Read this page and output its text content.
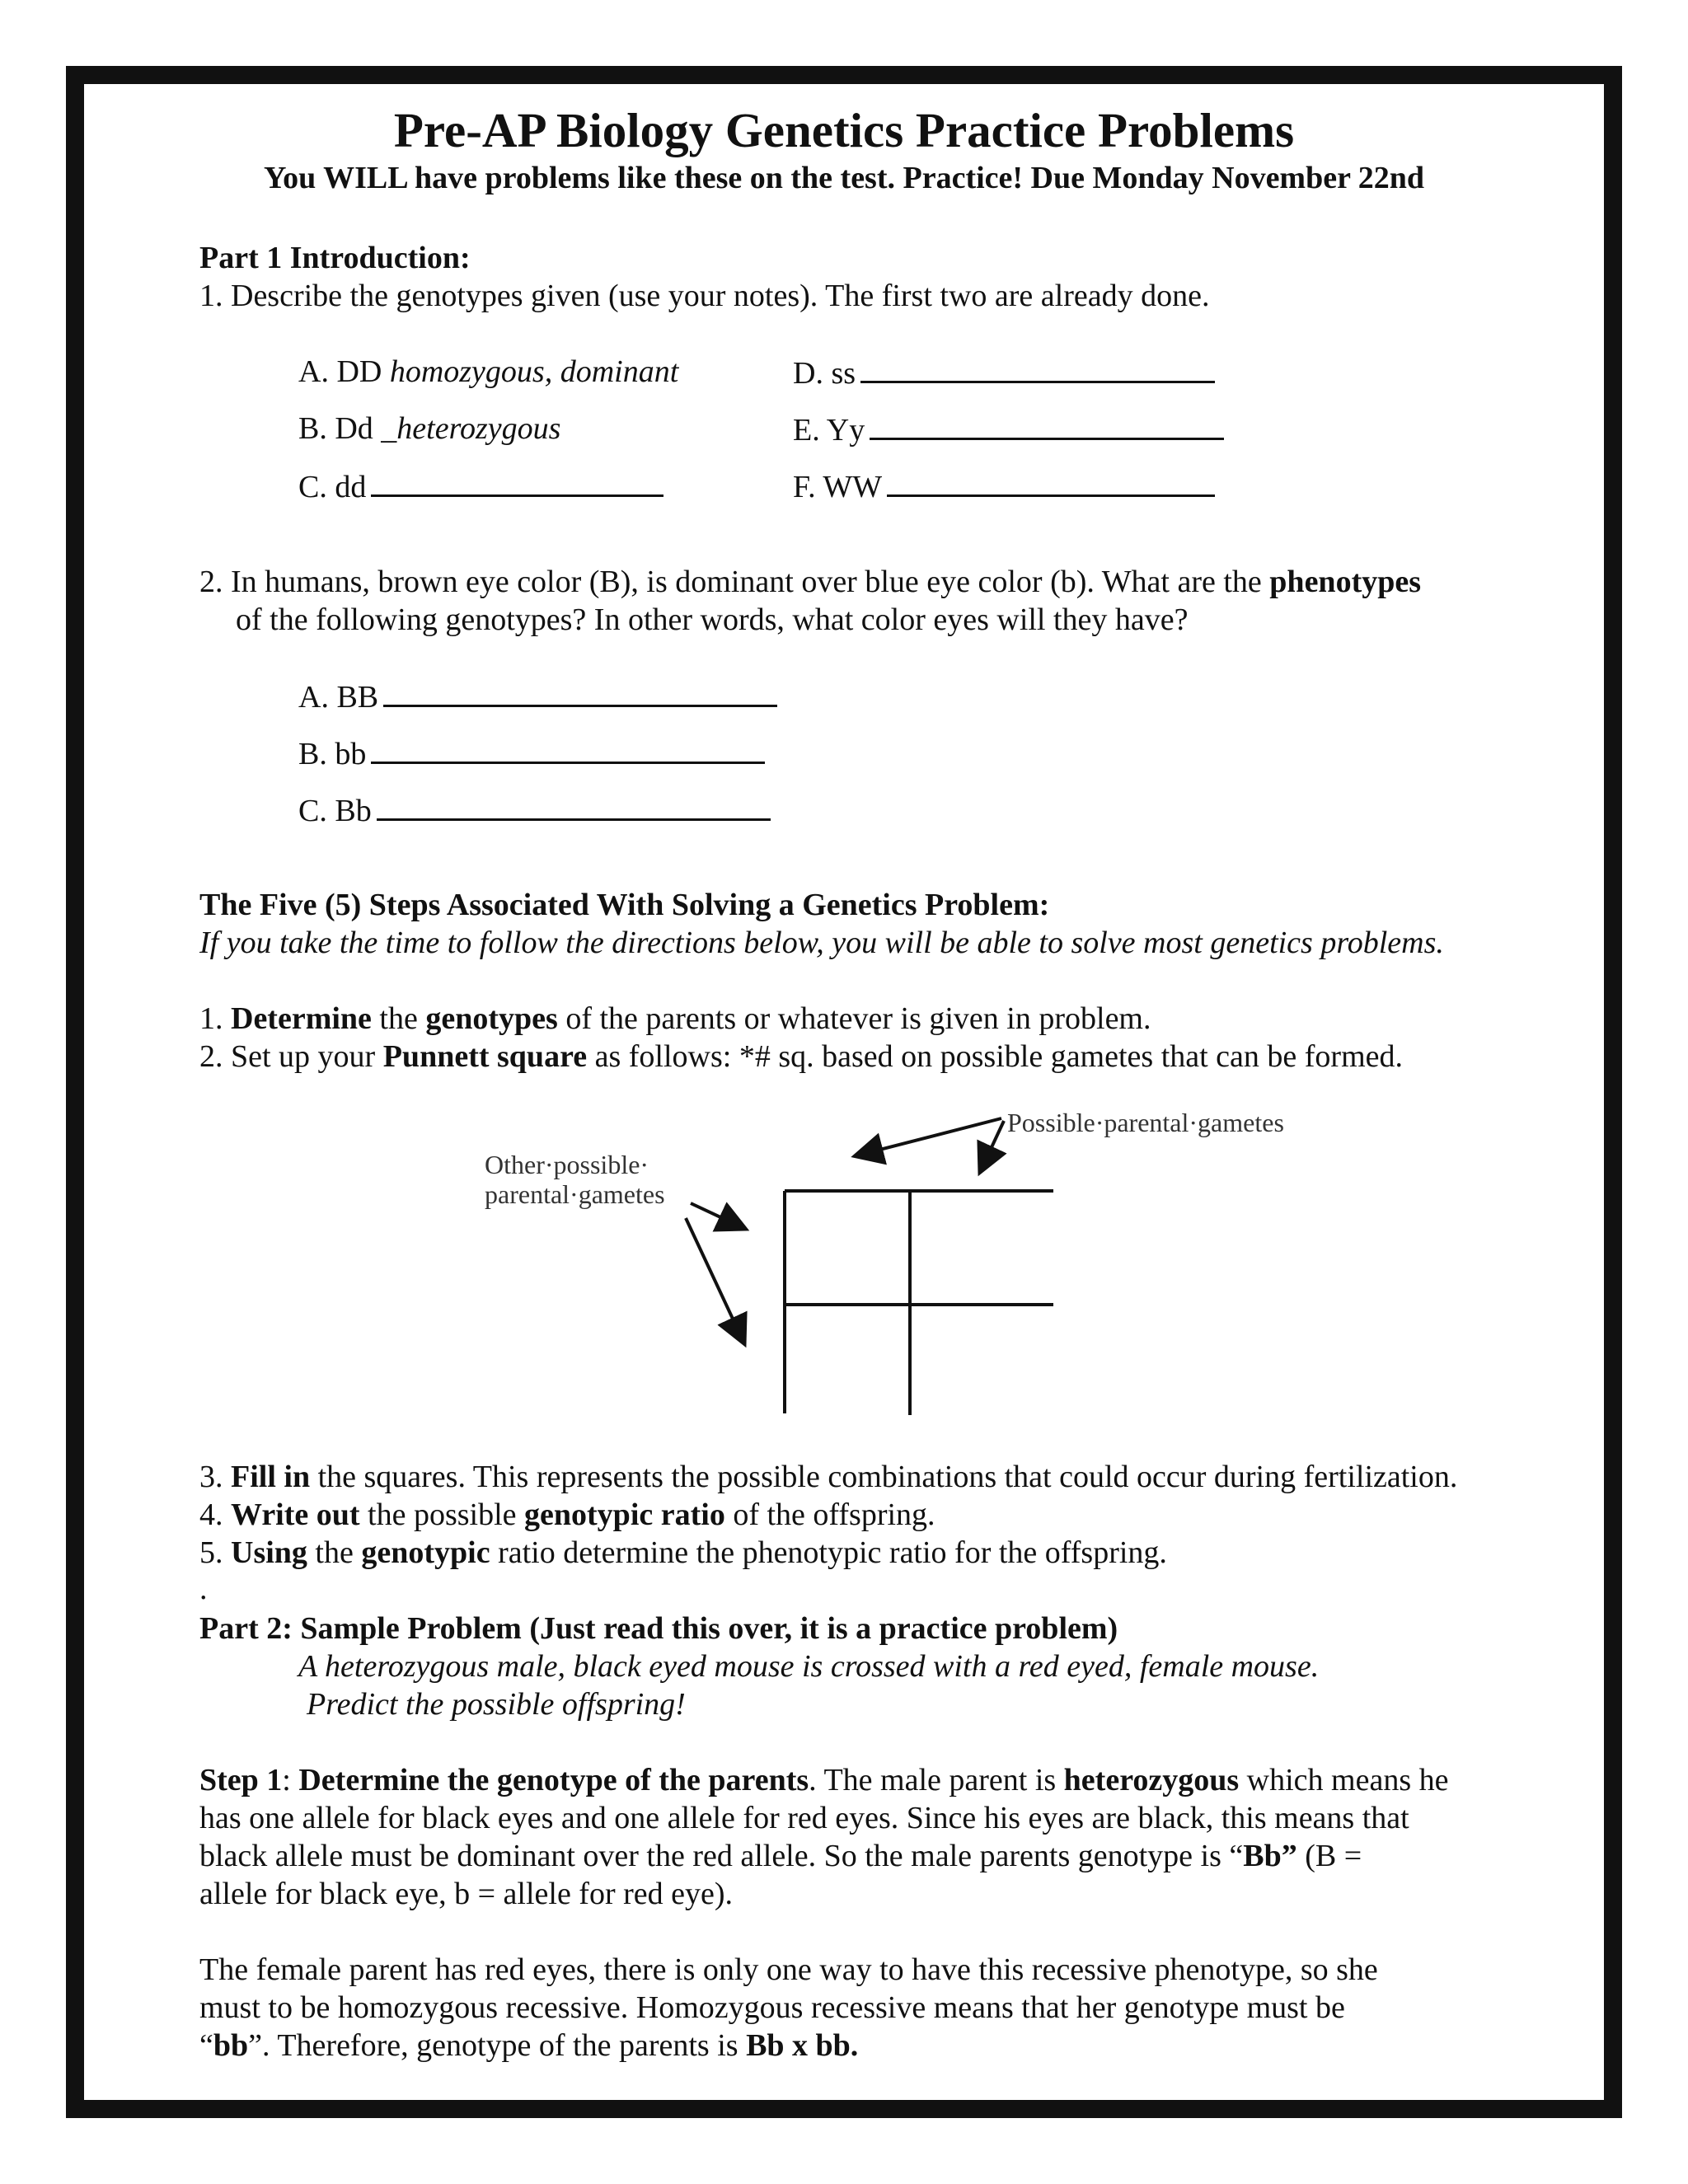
Pre-AP Biology Genetics Practice Problems
You WILL have problems like these on the test. Practice! Due Monday November 22nd
Part 1 Introduction:
1. Describe the genotypes given (use your notes). The first two are already done.
A. DD homozygous, dominant
B. Dd _heterozygous
C. dd
D. ss
E. Yy
F. WW
2. In humans, brown eye color (B), is dominant over blue eye color (b). What are the phenotypes
of the following genotypes? In other words, what color eyes will they have?
A. BB
B. bb
C. Bb
The Five (5) Steps Associated With Solving a Genetics Problem:
If you take the time to follow the directions below, you will be able to solve most genetics problems.
1. Determine the genotypes of the parents or whatever is given in problem.
2. Set up your Punnett square as follows: *# sq. based on possible gametes that can be formed.
Possible·parental·gametes
Other·possible·
parental·gametes
3. Fill in the squares. This represents the possible combinations that could occur during fertilization.
4. Write out the possible genotypic ratio of the offspring.
5. Using the genotypic ratio determine the phenotypic ratio for the offspring.
.
Part 2: Sample Problem (Just read this over, it is a practice problem)
A heterozygous male, black eyed mouse is crossed with a red eyed, female mouse.
Predict the possible offspring!
Step 1: Determine the genotype of the parents. The male parent is heterozygous which means he
has one allele for black eyes and one allele for red eyes. Since his eyes are black, this means that
black allele must be dominant over the red allele. So the male parents genotype is “Bb” (B =
allele for black eye, b = allele for red eye).
The female parent has red eyes, there is only one way to have this recessive phenotype, so she
must to be homozygous recessive. Homozygous recessive means that her genotype must be
“bb”. Therefore, genotype of the parents is Bb x bb.
